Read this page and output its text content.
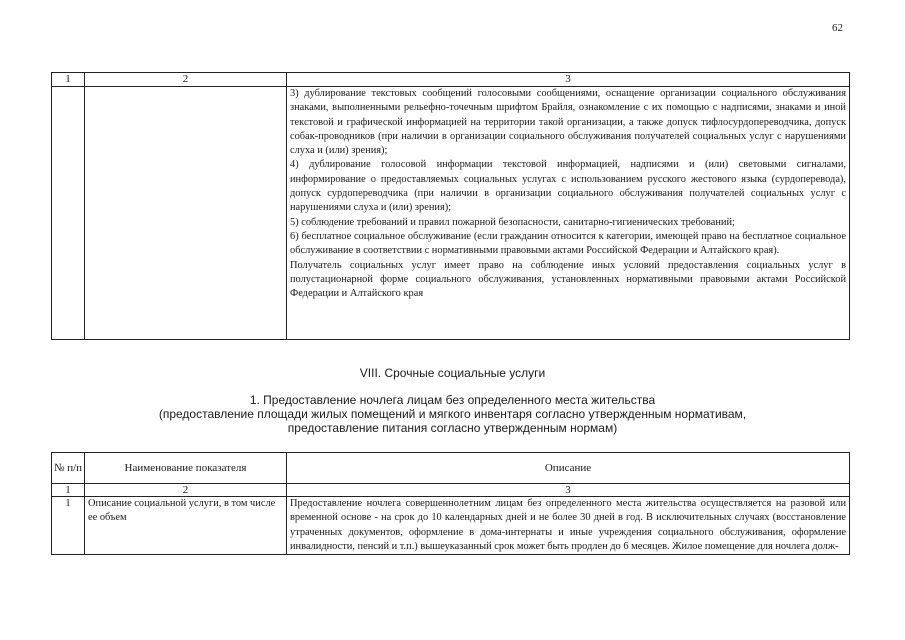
62
1	2	3

		3) дублирование текстовых сообщений голосовыми сообщениями, оснащение организации социального обслуживания знаками, выполненными рельефно-точечным шрифтом Брайля, ознакомление с их помощью с надписями, знаками и иной текстовой и графической информацией на территории такой организации, а также допуск тифлосурдопереводчика, допуск собак-проводников (при наличии в организации социального обслуживания получателей социальных услуг с нарушениями слуха и (или) зрения);

4) дублирование голосовой информации текстовой информацией, надписями и (или) световыми сигналами, информирование о предоставляемых социальных услугах с использованием русского жестового языка (сурдоперевода), допуск сурдопереводчика (при наличии в организации социального обслуживания получателей социальных услуг с нарушениями слуха и (или) зрения);

5) соблюдение требований и правил пожарной безопасности, санитарно-гигиенических требований;

6) бесплатное социальное обслуживание (если гражданин относится к категории, имеющей право на бесплатное социальное обслуживание в соответствии с нормативными правовыми актами Российской Федерации и Алтайского края).

Получатель социальных услуг имеет право на соблюдение иных условий предоставления социальных услуг в полустационарной форме социального обслуживания, установленных нормативными правовыми актами Российской Федерации и Алтайского края

VIII. Срочные социальные услуги
1. Предоставление ночлега лицам без определенного места жительства
(предоставление площади жилых помещений и мягкого инвентаря согласно утвержденным нормативам,
предоставление питания согласно утвержденным нормам)
№ п/п	Наименование показателя	Описание
1	2	3
1	Описание социальной услуги, в том числе ее объем	Предоставление ночлега совершеннолетним лицам без определенного места жительства осуществляется на разовой или временной основе - на срок до 10 календарных дней и не более 30 дней в год. В исключительных случаях (восстановление утраченных документов, оформление в дома-интернаты и иные учреждения социального обслуживания, оформление инвалидности, пенсий и т.п.) вышеуказанный срок может быть продлен до 6 месяцев. Жилое помещение для ночлега долж-
